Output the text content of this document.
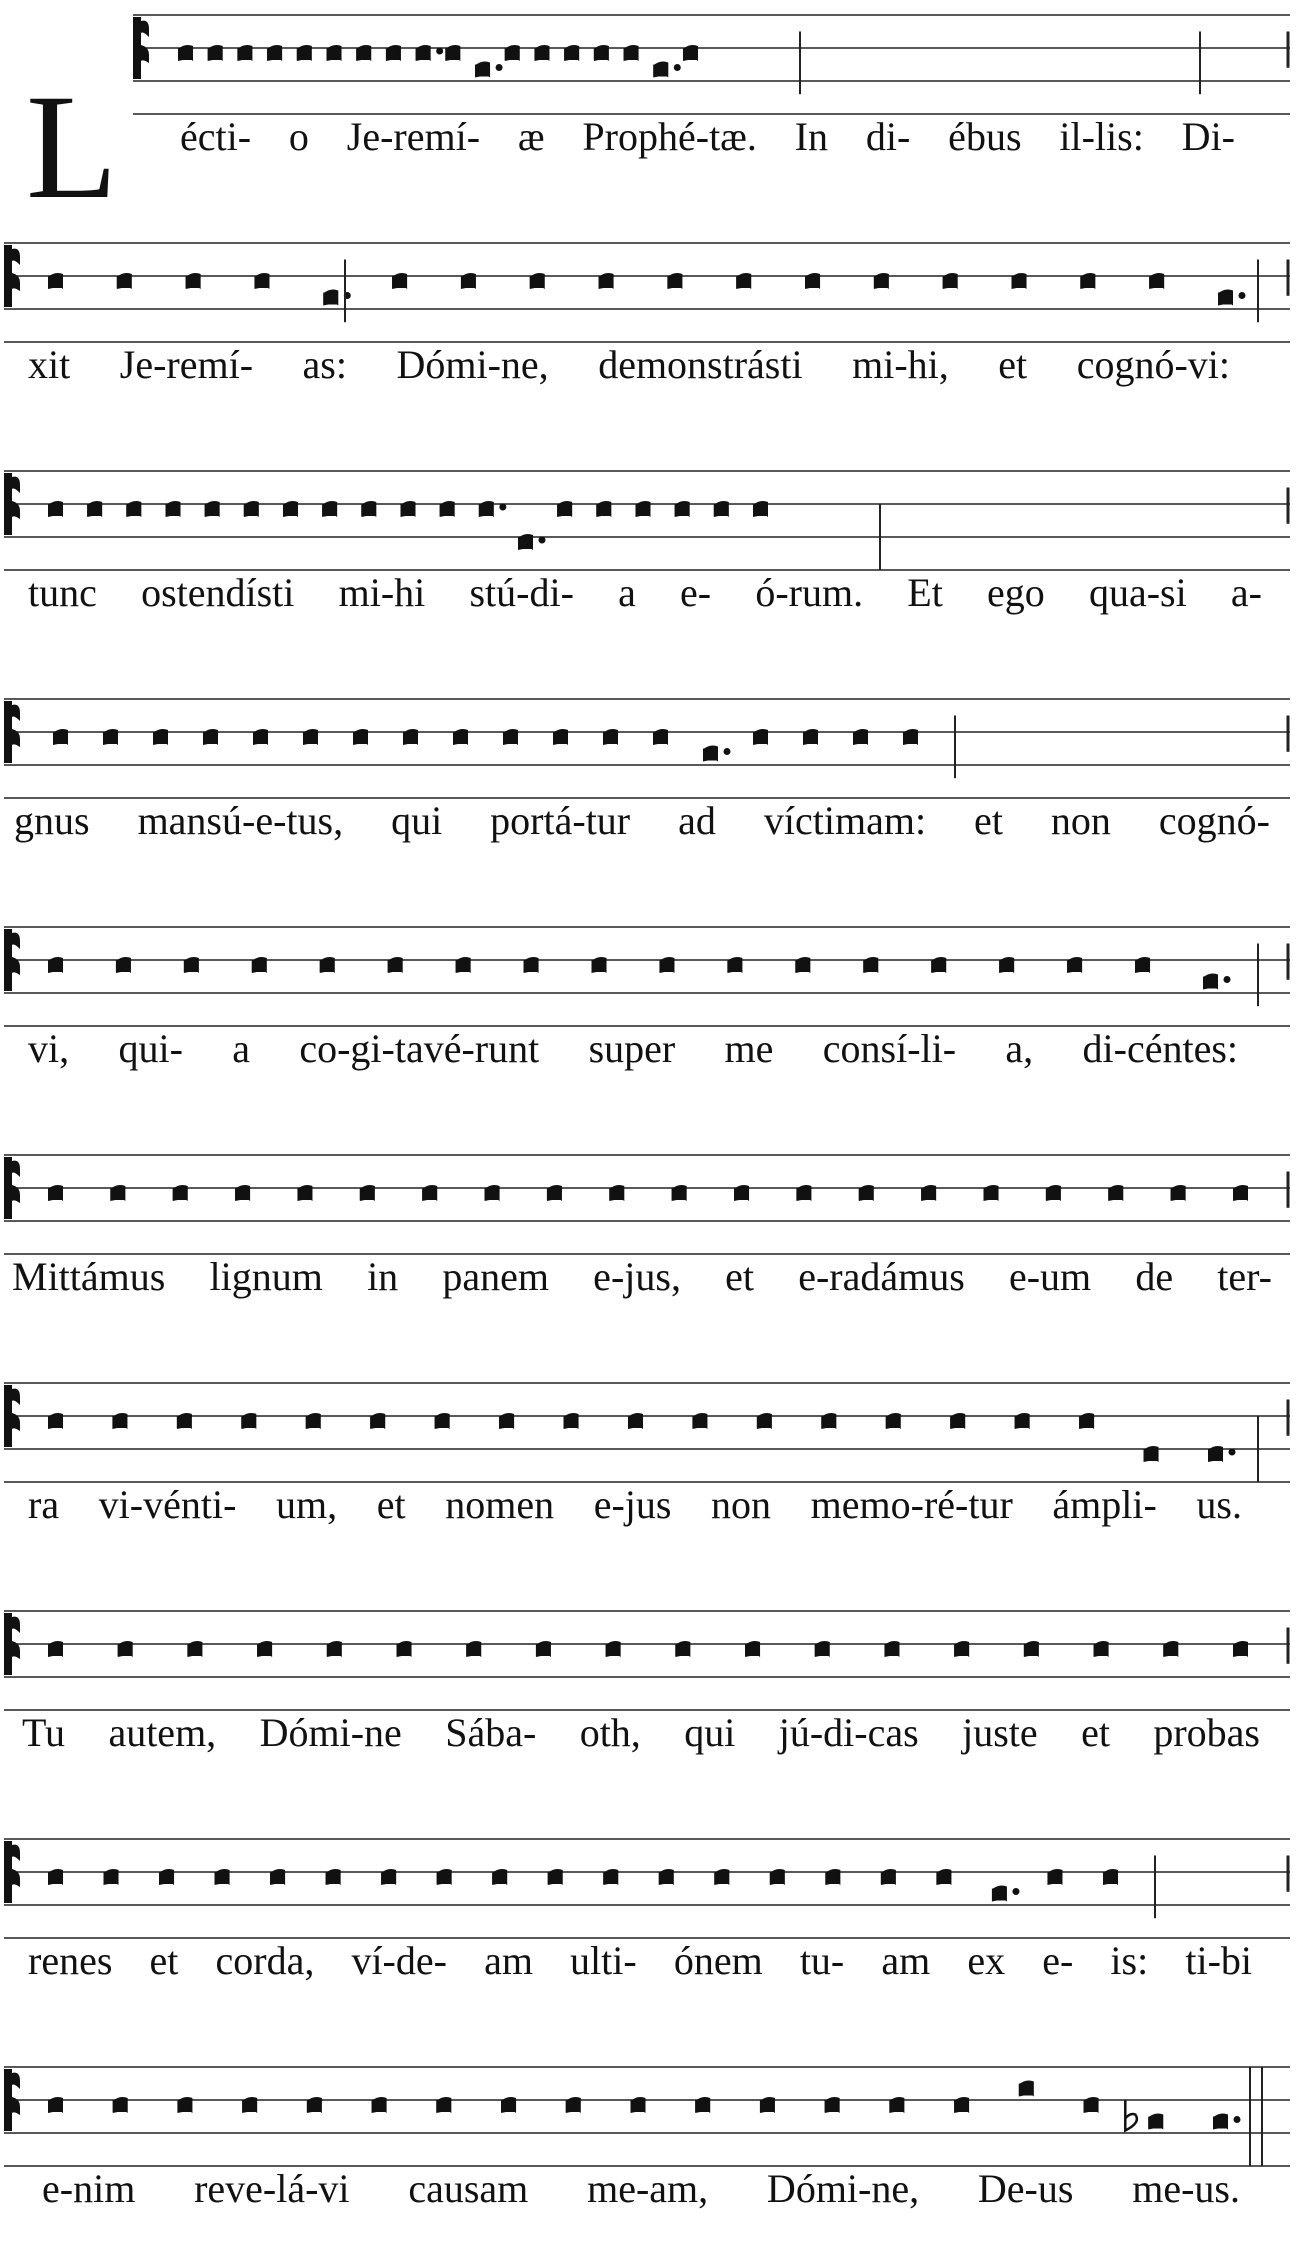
L écti- o Je-remí- æ Prophé-tæ. In di- ébus il-lis: Di-
xit Je-remí- as: Dómi-ne, demonstrásti mi-hi, et cognó-vi:
tunc ostendísti mi-hi stú-di- a e- ó-rum. Et ego qua-si a-
gnus mansú-e-tus, qui portá-tur ad víctimam: et non cognó-
vi, qui- a co-gi-tavé-runt super me consí-li- a, di-céntes:
Mittámus lignum in panem e-jus, et e-radámus e-um de ter-
ra vi-vénti- um, et nomen e-jus non memo-ré-tur ámpli- us.
Tu autem, Dómi-ne Sába- oth, qui jú-di-cas juste et probas
renes et corda, ví-de- am ulti- ónem tu- am ex e- is: ti-bi
e-nim reve-lá-vi causam me-am, Dómi-ne, De-us me-us.
